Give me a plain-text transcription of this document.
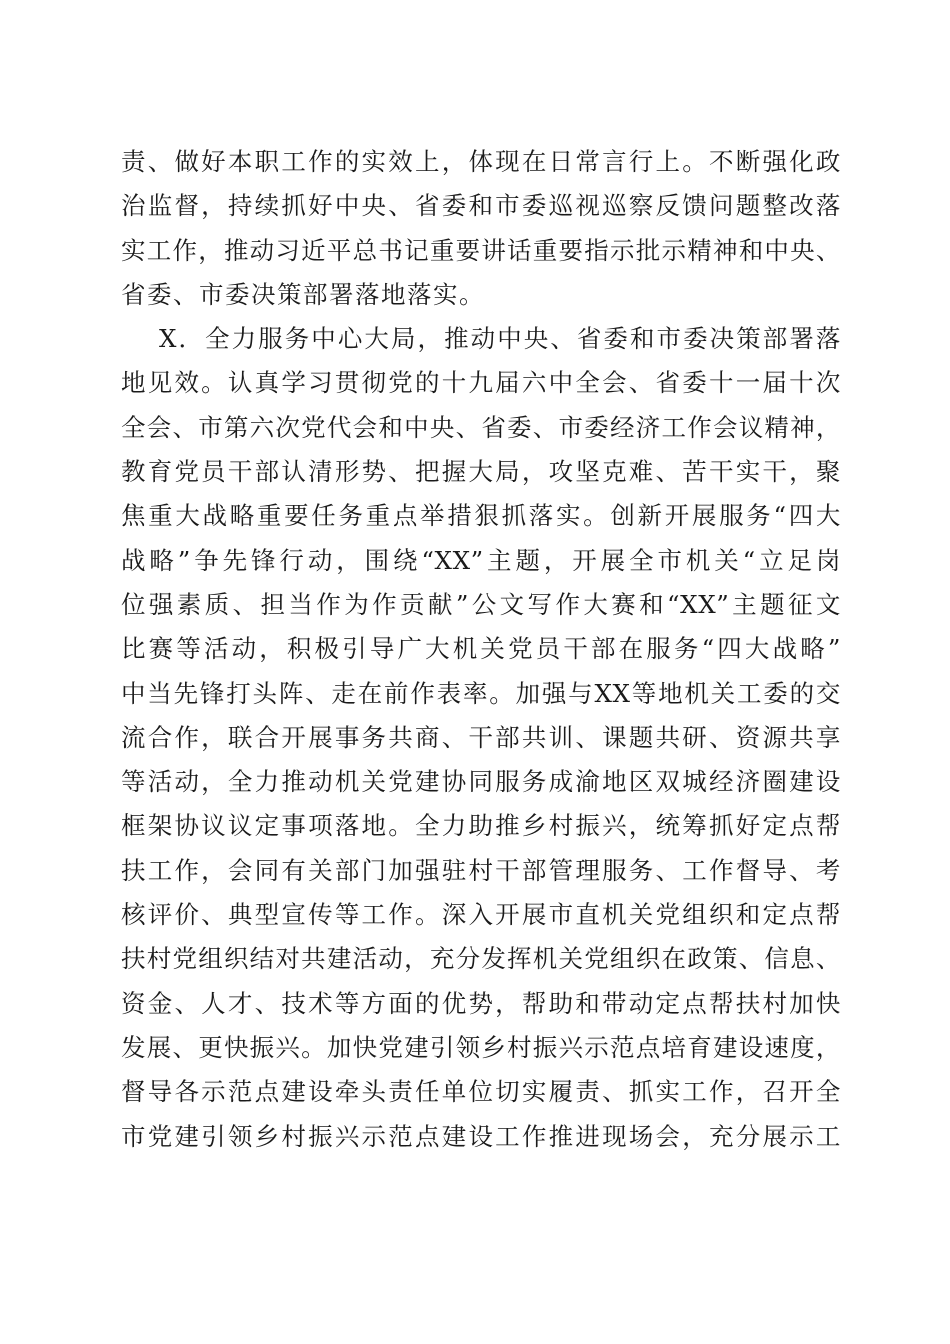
责、做好本职工作的实效上，体现在日常言行上。不断强化政
治监督，持续抓好中央、省委和市委巡视巡察反馈问题整改落
实工作，推动习近平总书记重要讲话重要指示批示精神和中央、
省委、市委决策部署落地落实。
X．全力服务中心大局，推动中央、省委和市委决策部署落
地见效。认真学习贯彻党的十九届六中全会、省委十一届十次
全会、市第六次党代会和中央、省委、市委经济工作会议精神，
教育党员干部认清形势、把握大局，攻坚克难、苦干实干，聚
焦重大战略重要任务重点举措狠抓落实。创新开展服务“四大
战略”争先锋行动，围绕“XX”主题，开展全市机关“立足岗
位强素质、担当作为作贡献”公文写作大赛和“XX”主题征文
比赛等活动，积极引导广大机关党员干部在服务“四大战略”
中当先锋打头阵、走在前作表率。加强与XX等地机关工委的交
流合作，联合开展事务共商、干部共训、课题共研、资源共享
等活动，全力推动机关党建协同服务成渝地区双城经济圈建设
框架协议议定事项落地。全力助推乡村振兴，统筹抓好定点帮
扶工作，会同有关部门加强驻村干部管理服务、工作督导、考
核评价、典型宣传等工作。深入开展市直机关党组织和定点帮
扶村党组织结对共建活动，充分发挥机关党组织在政策、信息、
资金、人才、技术等方面的优势，帮助和带动定点帮扶村加快
发展、更快振兴。加快党建引领乡村振兴示范点培育建设速度，
督导各示范点建设牵头责任单位切实履责、抓实工作，召开全
市党建引领乡村振兴示范点建设工作推进现场会，充分展示工
